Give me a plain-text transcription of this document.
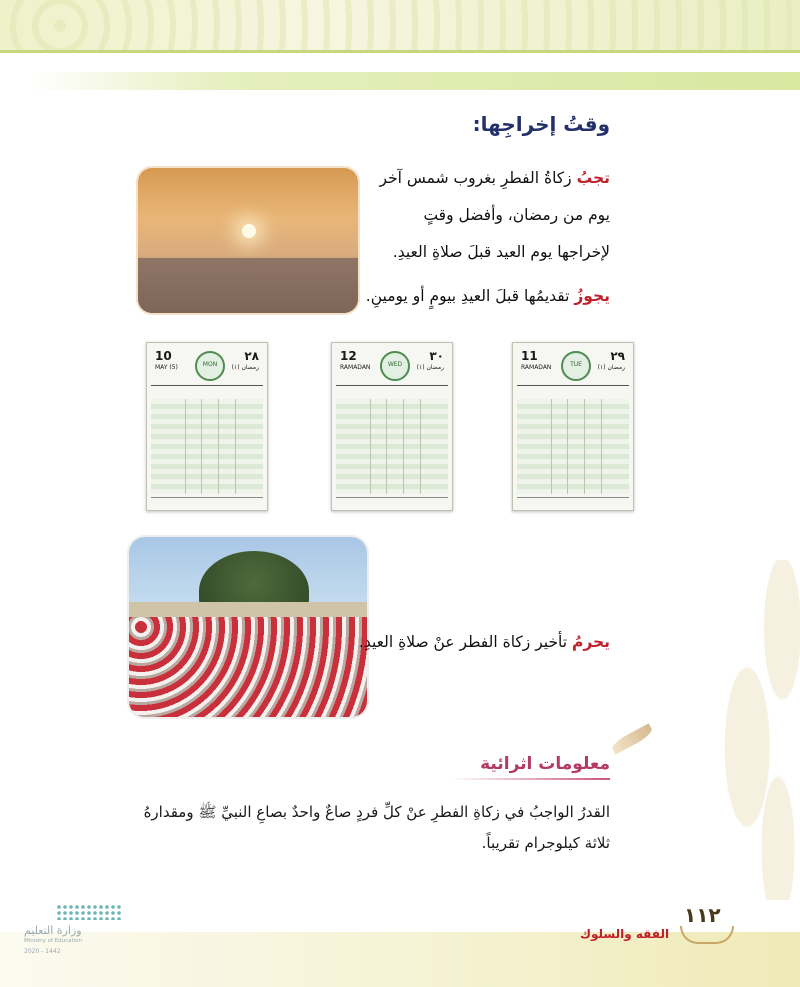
وقتُ إخراجِها:
تجبُ زكاةُ الفطرِ بغروب شمس آخر يوم من رمضان، وأفضل وقتٍ لإخراجها يوم العيد قبلَ صلاةِ العيدِ.
يجوزُ تقديمُها قبلَ العيدِ بيومٍ أو يومينِ.
٢٩
11
رمضان (١)
RAMADAN	TUE
٣٠
12
رمضان (١)
RAMADAN	WED
٢٨
10
رمضان (١)
MAY (5)	MON
يحرمُ تأخير زكاة الفطر عنْ صلاةِ العيدِ.
معلومات اثرائية
القدرُ الواجبُ في زكاةِ الفطرِ عنْ كلِّ فردٍ صاعٌ واحدٌ بصاعِ النبيِّ ﷺ ومقدارهُ ثلاثة كيلوجرام تقريباً.
١١٢
الفقه والسلوك
وزارة التعليم
Ministry of Education
2020 - 1442
